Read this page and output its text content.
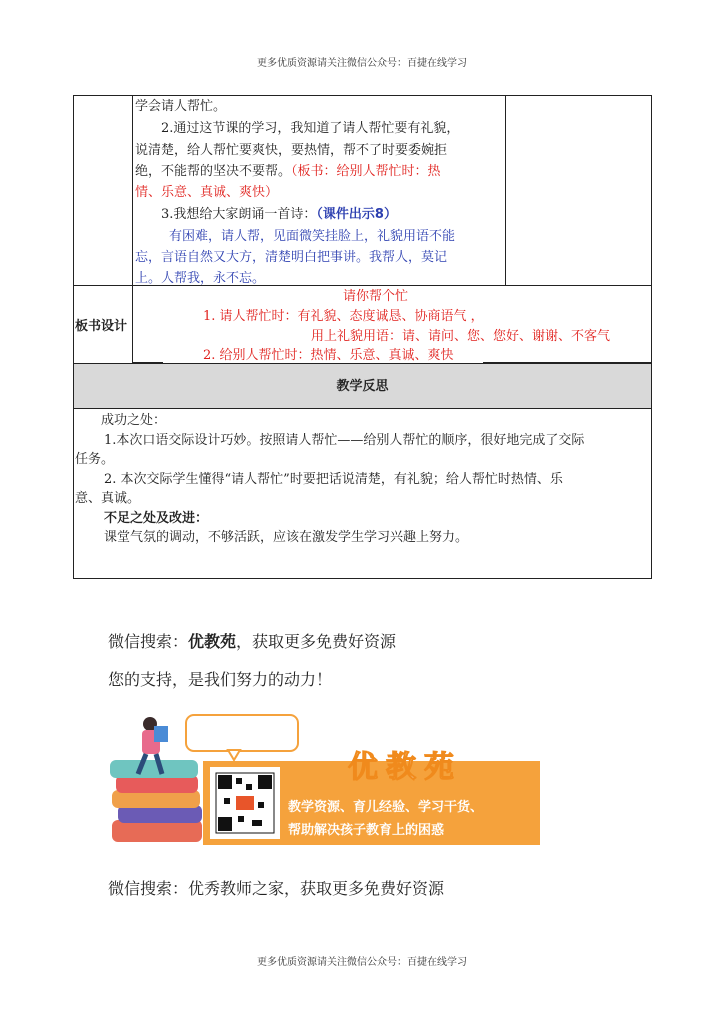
更多优质资源请关注微信公众号：百捷在线学习
学会请人帮忙。
2.通过这节课的学习，我知道了请人帮忙要有礼貌，
说清楚，给人帮忙要爽快，要热情，帮不了时要委婉拒
绝，不能帮的坚决不要帮。（板书：给别人帮忙时：热
情、乐意、真诚、爽快）
3.我想给大家朗诵一首诗：（课件出示8）
有困难，请人帮，见面微笑挂脸上，礼貌用语不能
忘，言语自然又大方，清楚明白把事讲。我帮人，莫记
上。人帮我，永不忘。
板书设计
请你帮个忙
1. 请人帮忙时：有礼貌、态度诚恳、协商语气 ，
用上礼貌用语：请、请问、您、您好、谢谢、不客气
2. 给别人帮忙时：热情、乐意、真诚、爽快
教学反思
成功之处：
1.本次口语交际设计巧妙。按照请人帮忙——给别人帮忙的顺序，很好地完成了交际
任务。
2. 本次交际学生懂得“请人帮忙”时要把话说清楚，有礼貌；给人帮忙时热情、乐
意、真诚。
不足之处及改进：
课堂气氛的调动，不够活跃，应该在激发学生学习兴趣上努力。
微信搜索：优教苑，获取更多免费好资源
您的支持，是我们努力的动力！
优教苑
教学资源、育儿经验、学习干货、
帮助解决孩子教育上的困惑
微信搜索：优秀教师之家，获取更多免费好资源
更多优质资源请关注微信公众号：百捷在线学习
